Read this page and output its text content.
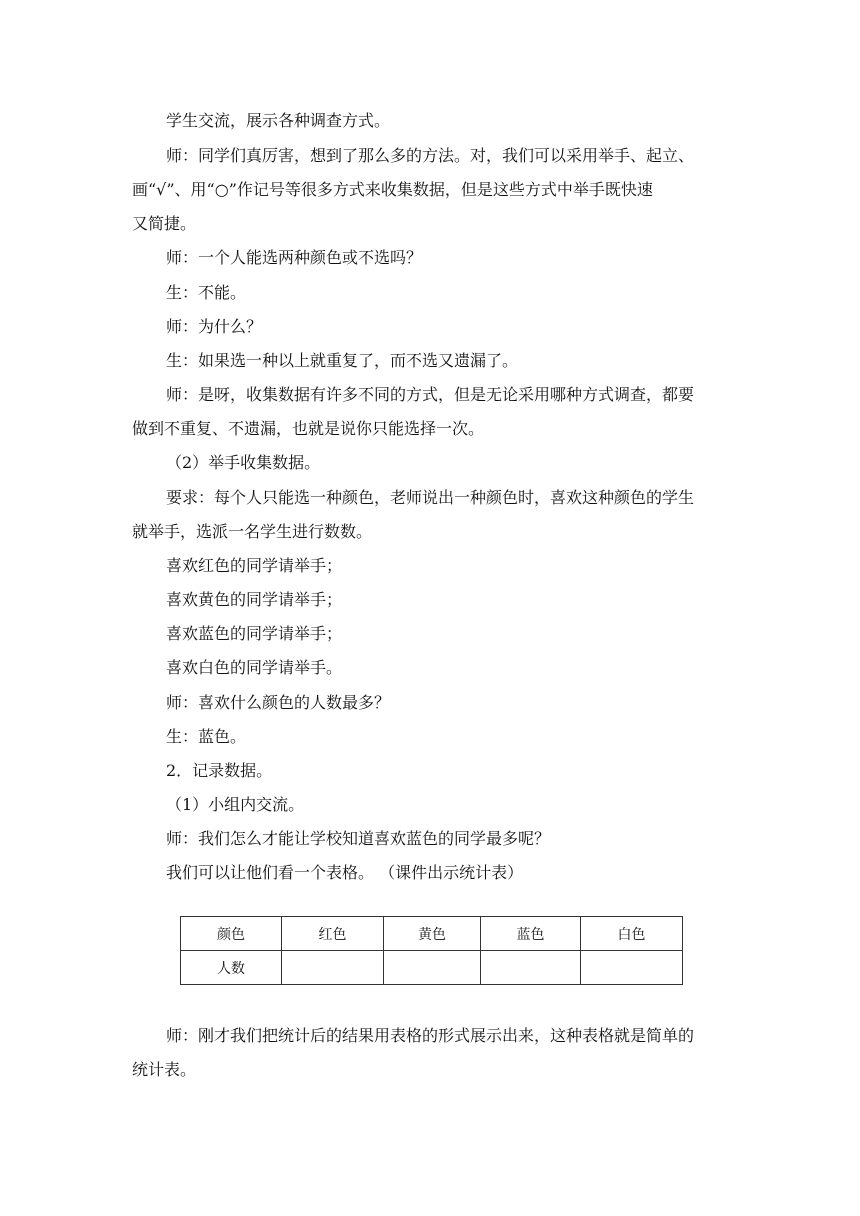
学生交流，展示各种调查方式。
师：同学们真厉害，想到了那么多的方法。对，我们可以采用举手、起立、
画“√”、用“○”作记号等很多方式来收集数据，但是这些方式中举手既快速
又简捷。
师：一个人能选两种颜色或不选吗？
生：不能。
师：为什么？
生：如果选一种以上就重复了，而不选又遗漏了。
师：是呀，收集数据有许多不同的方式，但是无论采用哪种方式调查，都要
做到不重复、不遗漏，也就是说你只能选择一次。
（2）举手收集数据。
要求：每个人只能选一种颜色，老师说出一种颜色时，喜欢这种颜色的学生
就举手，选派一名学生进行数数。
喜欢红色的同学请举手；
喜欢黄色的同学请举手；
喜欢蓝色的同学请举手；
喜欢白色的同学请举手。
师：喜欢什么颜色的人数最多？
生：蓝色。
2．记录数据。
（1）小组内交流。
师：我们怎么才能让学校知道喜欢蓝色的同学最多呢？
我们可以让他们看一个表格。 （课件出示统计表）
颜色	红色	黄色	蓝色	白色
人数				
师：刚才我们把统计后的结果用表格的形式展示出来，这种表格就是简单的
统计表。
